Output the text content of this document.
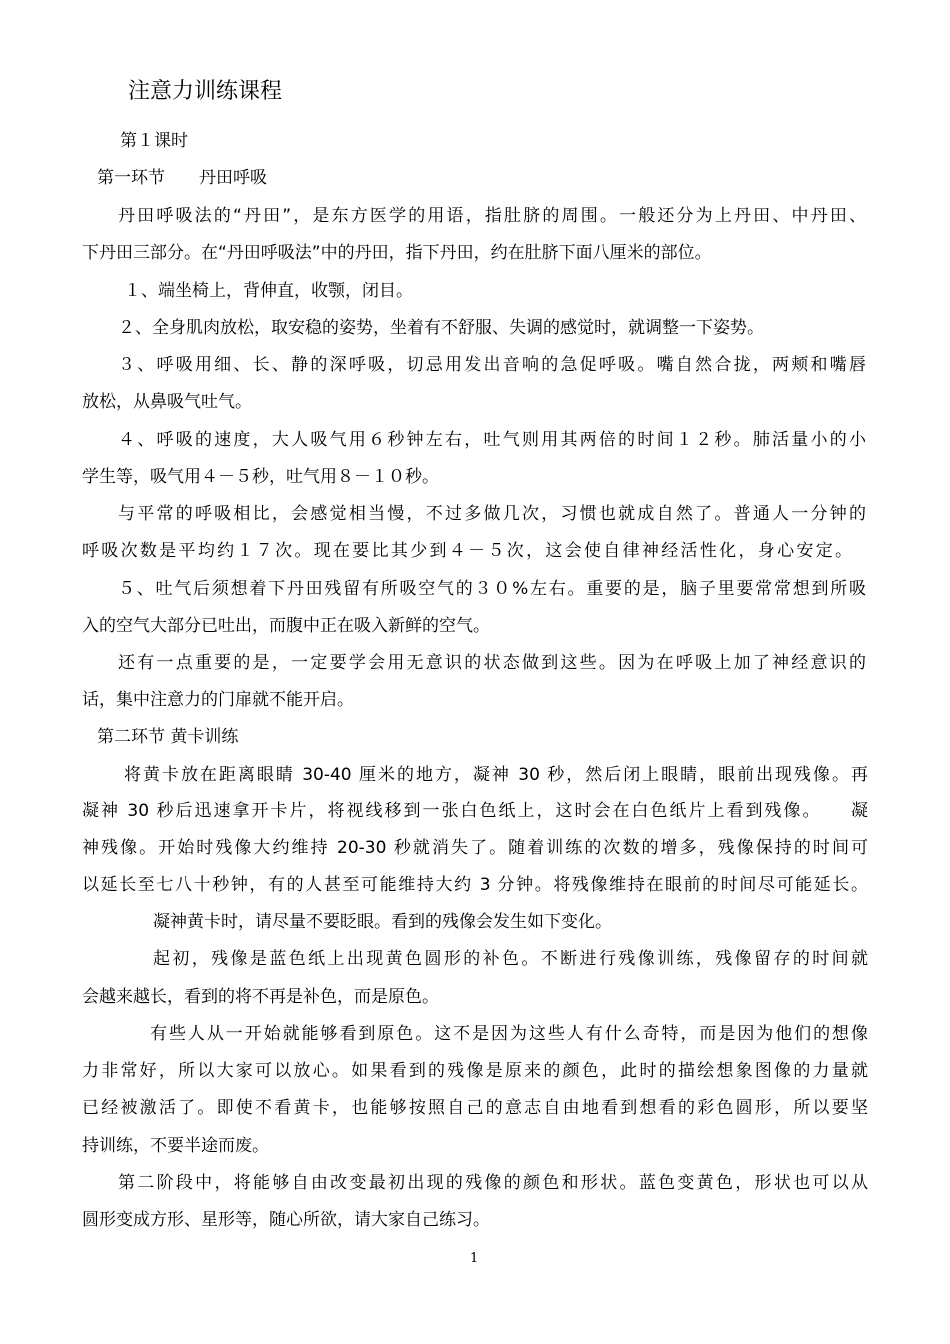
注意力训练课程
第１课时
第一环节　　丹田呼吸
丹田呼吸法的“丹田”，是东方医学的用语，指肚脐的周围。一般还分为上丹田、中丹田、
下丹田三部分。在“丹田呼吸法”中的丹田，指下丹田，约在肚脐下面八厘米的部位。
１、端坐椅上，背伸直，收颚，闭目。
２、全身肌肉放松，取安稳的姿势，坐着有不舒服、失调的感觉时，就调整一下姿势。
３、呼吸用细、长、静的深呼吸，切忌用发出音响的急促呼吸。嘴自然合拢，两颊和嘴唇
放松，从鼻吸气吐气。
４、呼吸的速度，大人吸气用６秒钟左右，吐气则用其两倍的时间１２秒。肺活量小的小
学生等，吸气用４－５秒，吐气用８－１０秒。
与平常的呼吸相比，会感觉相当慢，不过多做几次，习惯也就成自然了。普通人一分钟的
呼吸次数是平均约１７次。现在要比其少到４－５次，这会使自律神经活性化，身心安定。
５、吐气后须想着下丹田残留有所吸空气的３０%左右。重要的是，脑子里要常常想到所吸
入的空气大部分已吐出，而腹中正在吸入新鲜的空气。
还有一点重要的是，一定要学会用无意识的状态做到这些。因为在呼吸上加了神经意识的
话，集中注意力的门扉就不能开启。
第二环节 黄卡训练
将黄卡放在距离眼睛 30-40 厘米的地方，凝神 30 秒，然后闭上眼睛，眼前出现残像。再
凝神 30 秒后迅速拿开卡片，将视线移到一张白色纸上，这时会在白色纸片上看到残像。　　凝
神残像。开始时残像大约维持 20-30 秒就消失了。随着训练的次数的增多，残像保持的时间可
以延长至七八十秒钟，有的人甚至可能维持大约 3 分钟。将残像维持在眼前的时间尽可能延长。
凝神黄卡时，请尽量不要眨眼。看到的残像会发生如下变化。
起初，残像是蓝色纸上出现黄色圆形的补色。不断进行残像训练，残像留存的时间就
会越来越长，看到的将不再是补色，而是原色。
有些人从一开始就能够看到原色。这不是因为这些人有什么奇特，而是因为他们的想像
力非常好，所以大家可以放心。如果看到的残像是原来的颜色，此时的描绘想象图像的力量就
已经被激活了。即使不看黄卡，也能够按照自己的意志自由地看到想看的彩色圆形，所以要坚
持训练，不要半途而废。
第二阶段中，将能够自由改变最初出现的残像的颜色和形状。蓝色变黄色，形状也可以从
圆形变成方形、星形等，随心所欲，请大家自己练习。
1
